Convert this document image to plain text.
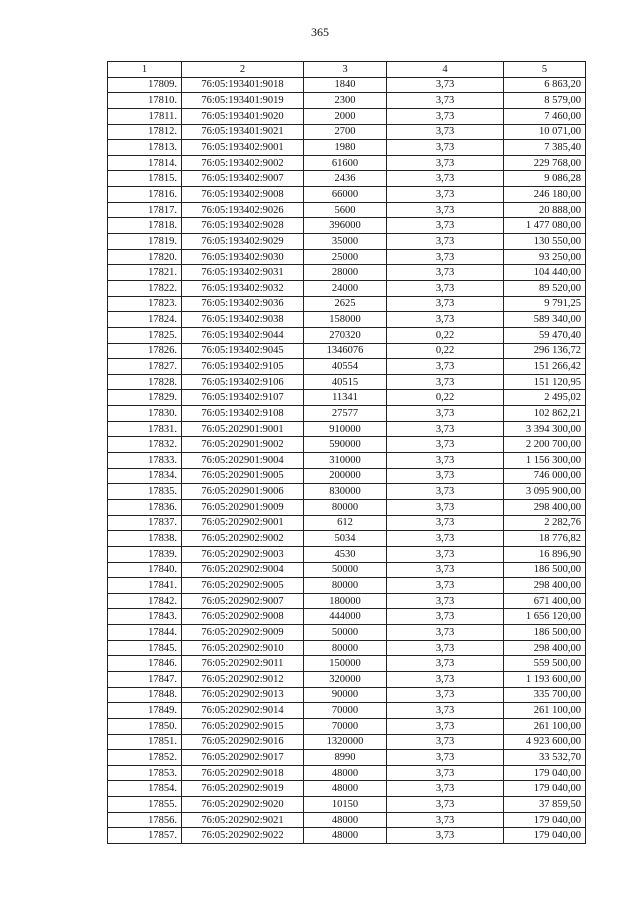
365
1	2	3	4	5
17809.	76:05:193401:9018	1840	3,73	6 863,20
17810.	76:05:193401:9019	2300	3,73	8 579,00
17811.	76:05:193401:9020	2000	3,73	7 460,00
17812.	76:05:193401:9021	2700	3,73	10 071,00
17813.	76:05:193402:9001	1980	3,73	7 385,40
17814.	76:05:193402:9002	61600	3,73	229 768,00
17815.	76:05:193402:9007	2436	3,73	9 086,28
17816.	76:05:193402:9008	66000	3,73	246 180,00
17817.	76:05:193402:9026	5600	3,73	20 888,00
17818.	76:05:193402:9028	396000	3,73	1 477 080,00
17819.	76:05:193402:9029	35000	3,73	130 550,00
17820.	76:05:193402:9030	25000	3,73	93 250,00
17821.	76:05:193402:9031	28000	3,73	104 440,00
17822.	76:05:193402:9032	24000	3,73	89 520,00
17823.	76:05:193402:9036	2625	3,73	9 791,25
17824.	76:05:193402:9038	158000	3,73	589 340,00
17825.	76:05:193402:9044	270320	0,22	59 470,40
17826.	76:05:193402:9045	1346076	0,22	296 136,72
17827.	76:05:193402:9105	40554	3,73	151 266,42
17828.	76:05:193402:9106	40515	3,73	151 120,95
17829.	76:05:193402:9107	11341	0,22	2 495,02
17830.	76:05:193402:9108	27577	3,73	102 862,21
17831.	76:05:202901:9001	910000	3,73	3 394 300,00
17832.	76:05:202901:9002	590000	3,73	2 200 700,00
17833.	76:05:202901:9004	310000	3,73	1 156 300,00
17834.	76:05:202901:9005	200000	3,73	746 000,00
17835.	76:05:202901:9006	830000	3,73	3 095 900,00
17836.	76:05:202901:9009	80000	3,73	298 400,00
17837.	76:05:202902:9001	612	3,73	2 282,76
17838.	76:05:202902:9002	5034	3,73	18 776,82
17839.	76:05:202902:9003	4530	3,73	16 896,90
17840.	76:05:202902:9004	50000	3,73	186 500,00
17841.	76:05:202902:9005	80000	3,73	298 400,00
17842.	76:05:202902:9007	180000	3,73	671 400,00
17843.	76:05:202902:9008	444000	3,73	1 656 120,00
17844.	76:05:202902:9009	50000	3,73	186 500,00
17845.	76:05:202902:9010	80000	3,73	298 400,00
17846.	76:05:202902:9011	150000	3,73	559 500,00
17847.	76:05:202902:9012	320000	3,73	1 193 600,00
17848.	76:05:202902:9013	90000	3,73	335 700,00
17849.	76:05:202902:9014	70000	3,73	261 100,00
17850.	76:05:202902:9015	70000	3,73	261 100,00
17851.	76:05:202902:9016	1320000	3,73	4 923 600,00
17852.	76:05:202902:9017	8990	3,73	33 532,70
17853.	76:05:202902:9018	48000	3,73	179 040,00
17854.	76:05:202902:9019	48000	3,73	179 040,00
17855.	76:05:202902:9020	10150	3,73	37 859,50
17856.	76:05:202902:9021	48000	3,73	179 040,00
17857.	76:05:202902:9022	48000	3,73	179 040,00
